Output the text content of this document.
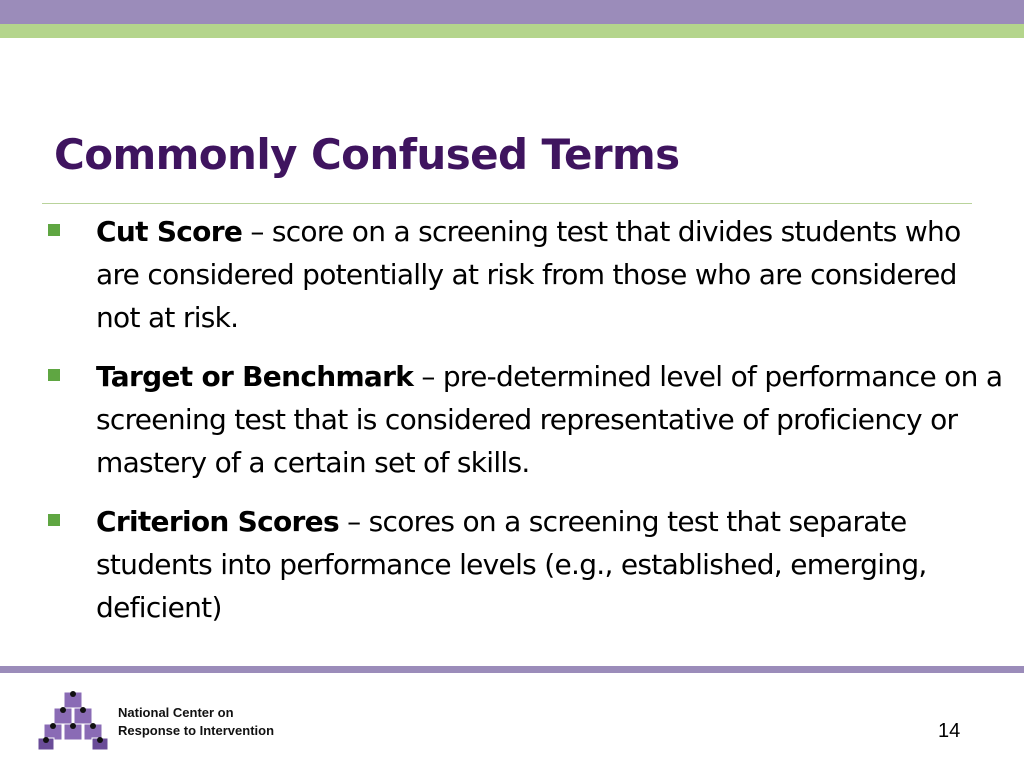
Commonly Confused Terms
Cut Score – score on a screening test that divides students who are considered potentially at risk from those who are considered not at risk.
Target or Benchmark – pre-determined level of performance on a screening test that is considered representative of proficiency or mastery of a certain set of skills.
Criterion Scores – scores on a screening test that separate students into performance levels (e.g., established, emerging, deficient)
National Center on
Response to Intervention	14
